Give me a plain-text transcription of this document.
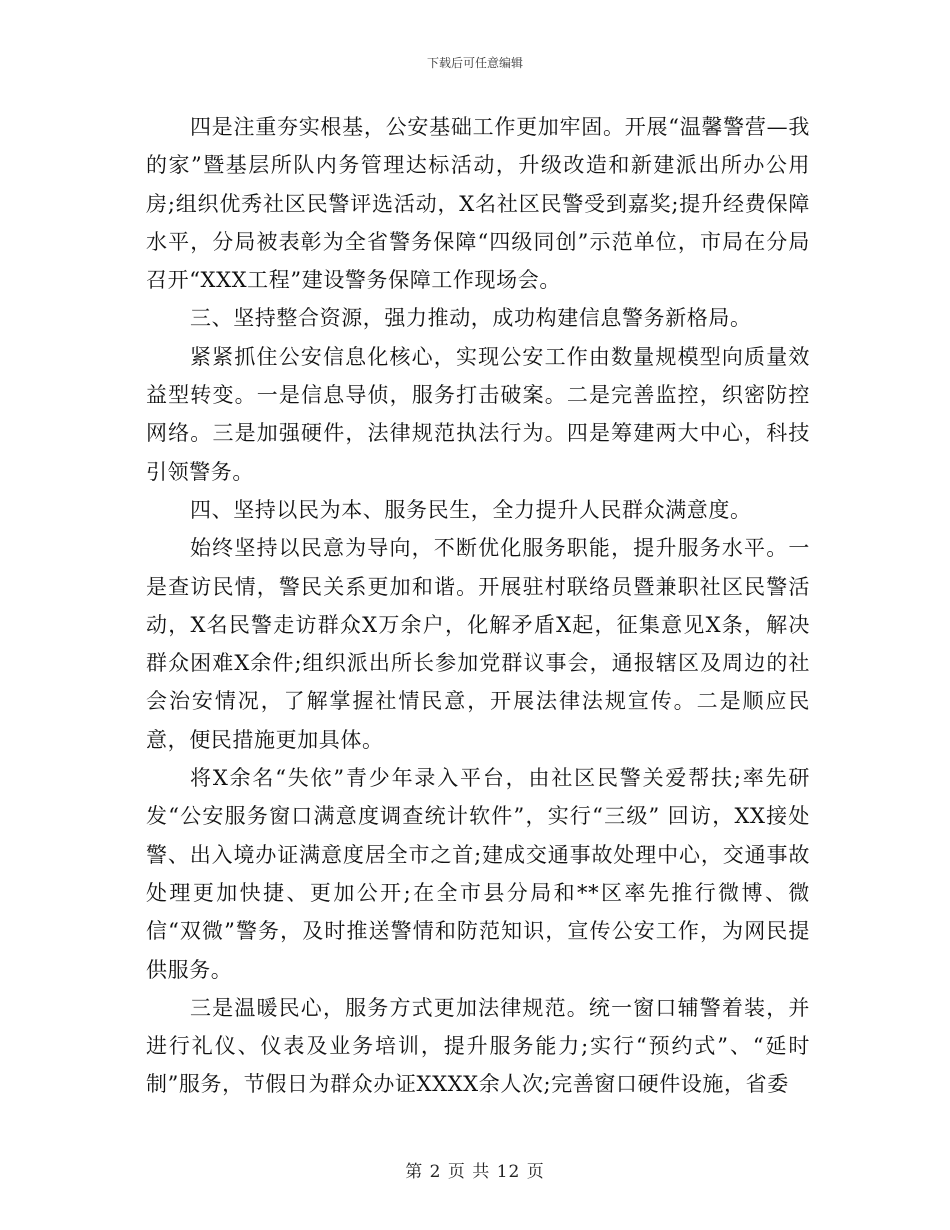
下载后可任意编辑

四是注重夯实根基，公安基础工作更加牢固。开展“温馨警营—我的家”暨基层所队内务管理达标活动，升级改造和新建派出所办公用房;组织优秀社区民警评选活动，X名社区民警受到嘉奖;提升经费保障水平，分局被表彰为全省警务保障“四级同创”示范单位，市局在分局召开“XXX工程”建设警务保障工作现场会。

三、坚持整合资源，强力推动，成功构建信息警务新格局。

紧紧抓住公安信息化核心，实现公安工作由数量规模型向质量效益型转变。一是信息导侦，服务打击破案。二是完善监控，织密防控网络。三是加强硬件，法律规范执法行为。四是筹建两大中心，科技引领警务。

四、坚持以民为本、服务民生，全力提升人民群众满意度。

始终坚持以民意为导向，不断优化服务职能，提升服务水平。一是查访民情，警民关系更加和谐。开展驻村联络员暨兼职社区民警活动，X名民警走访群众X万余户，化解矛盾X起，征集意见X条，解决群众困难X余件;组织派出所长参加党群议事会，通报辖区及周边的社会治安情况，了解掌握社情民意，开展法律法规宣传。二是顺应民意，便民措施更加具体。

将X余名“失依”青少年录入平台，由社区民警关爱帮扶;率先研发“公安服务窗口满意度调查统计软件”，实行“三级” 回访，XX接处警、出入境办证满意度居全市之首;建成交通事故处理中心，交通事故处理更加快捷、更加公开;在全市县分局和**区率先推行微博、微信“双微”警务，及时推送警情和防范知识，宣传公安工作，为网民提供服务。

三是温暖民心，服务方式更加法律规范。统一窗口辅警着装，并进行礼仪、仪表及业务培训，提升服务能力;实行“预约式”、“延时制”服务，节假日为群众办证XXXX余人次;完善窗口硬件设施，省委

第 2 页 共 12 页
